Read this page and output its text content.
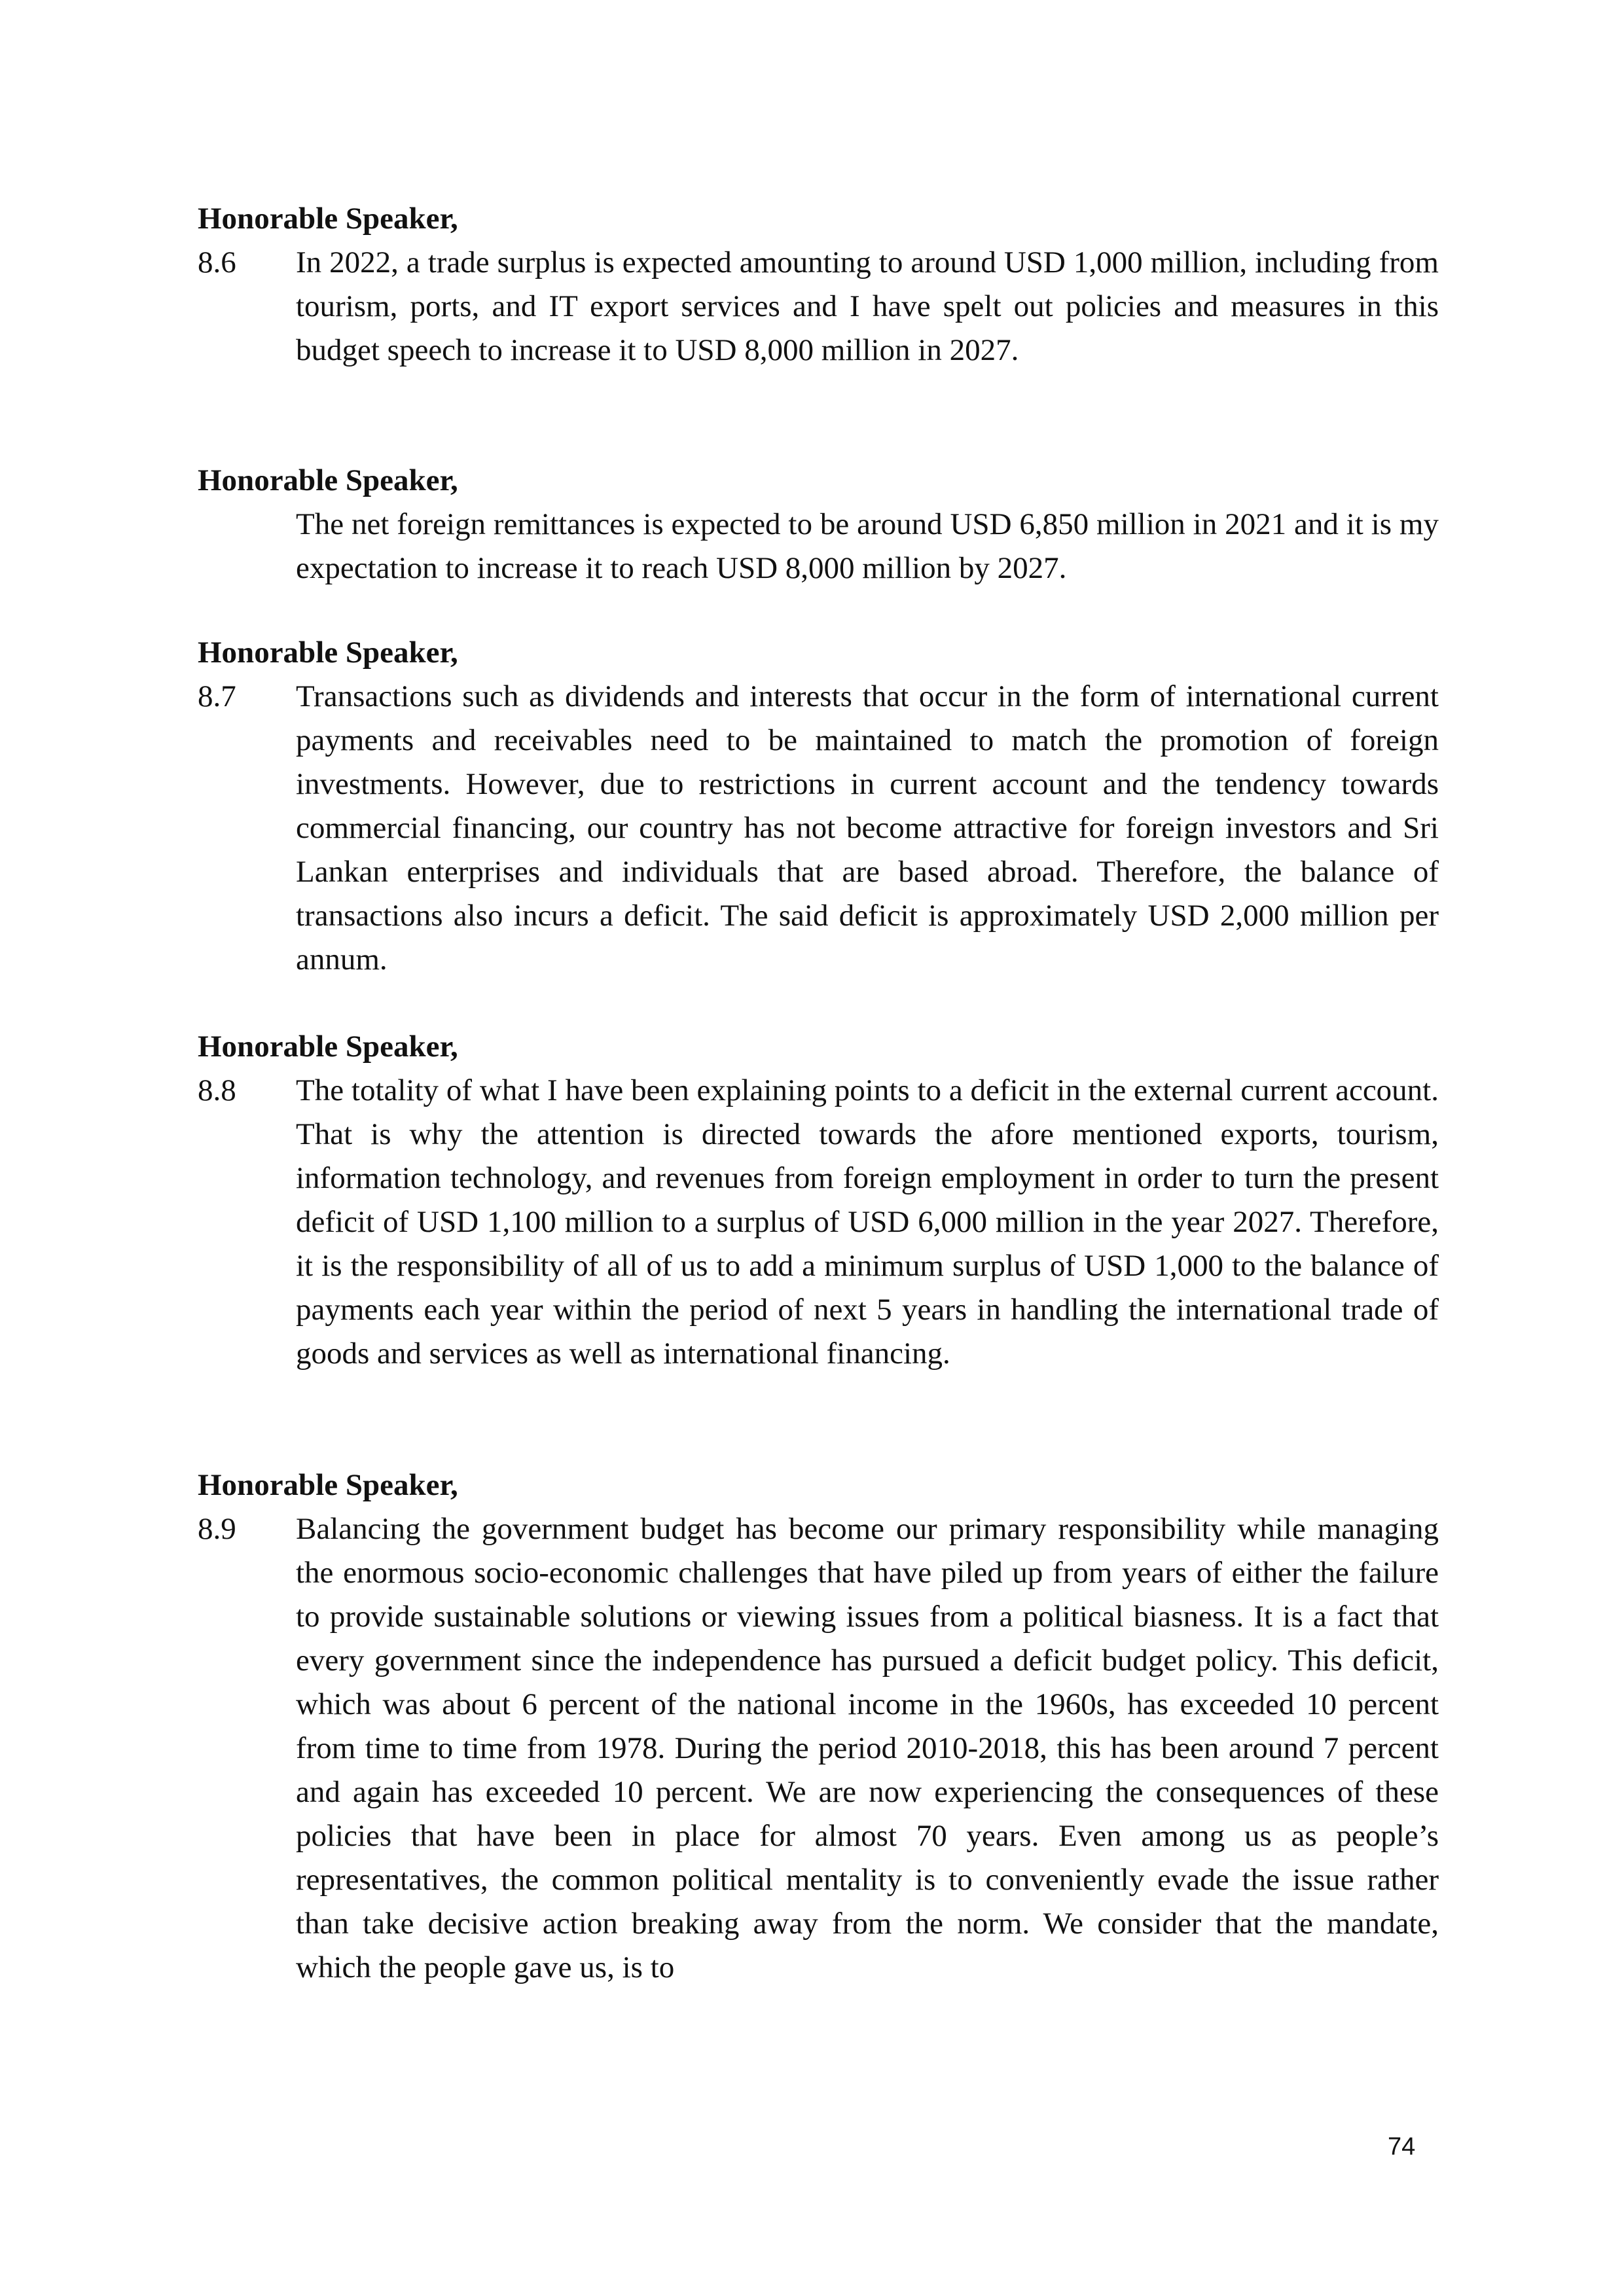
Honorable Speaker,

8.6	In 2022, a trade surplus is expected amounting to around USD 1,000 million, including from tourism, ports, and IT export services and I have spelt out policies and measures in this budget speech to increase it to USD 8,000 million in 2027.

Honorable Speaker,

The net foreign remittances is expected to be around USD 6,850 million in 2021 and it is my expectation to increase it to reach USD 8,000 million by 2027.

Honorable Speaker,

8.7	Transactions such as dividends and interests that occur in the form of international current payments and receivables need to be maintained to match the promotion of foreign investments. However, due to restrictions in current account and the tendency towards commercial financing, our country has not become attractive for foreign investors and Sri Lankan enterprises and individuals that are based abroad. Therefore, the balance of transactions also incurs a deficit. The said deficit is approximately USD 2,000 million per annum.

Honorable Speaker,

8.8	The totality of what I have been explaining points to a deficit in the external current account. That is why the attention is directed towards the afore mentioned exports, tourism, information technology, and revenues from foreign employment in order to turn the present deficit of USD 1,100 million to a surplus of USD 6,000 million in the year 2027. Therefore, it is the responsibility of all of us to add a minimum surplus of USD 1,000 to the balance of payments each year within the period of next 5 years in handling the international trade of goods and services as well as international financing.

Honorable Speaker,

8.9	Balancing the government budget has become our primary responsibility while managing the enormous socio-economic challenges that have piled up from years of either the failure to provide sustainable solutions or viewing issues from a political biasness. It is a fact that every government since the independence has pursued a deficit budget policy. This deficit, which was about 6 percent of the national income in the 1960s, has exceeded 10 percent from time to time from 1978. During the period 2010-2018, this has been around 7 percent and again has exceeded 10 percent. We are now experiencing the consequences of these policies that have been in place for almost 70 years. Even among us as people’s representatives, the common political mentality is to conveniently evade the issue rather than take decisive action breaking away from the norm. We consider that the mandate, which the people gave us, is to

74
